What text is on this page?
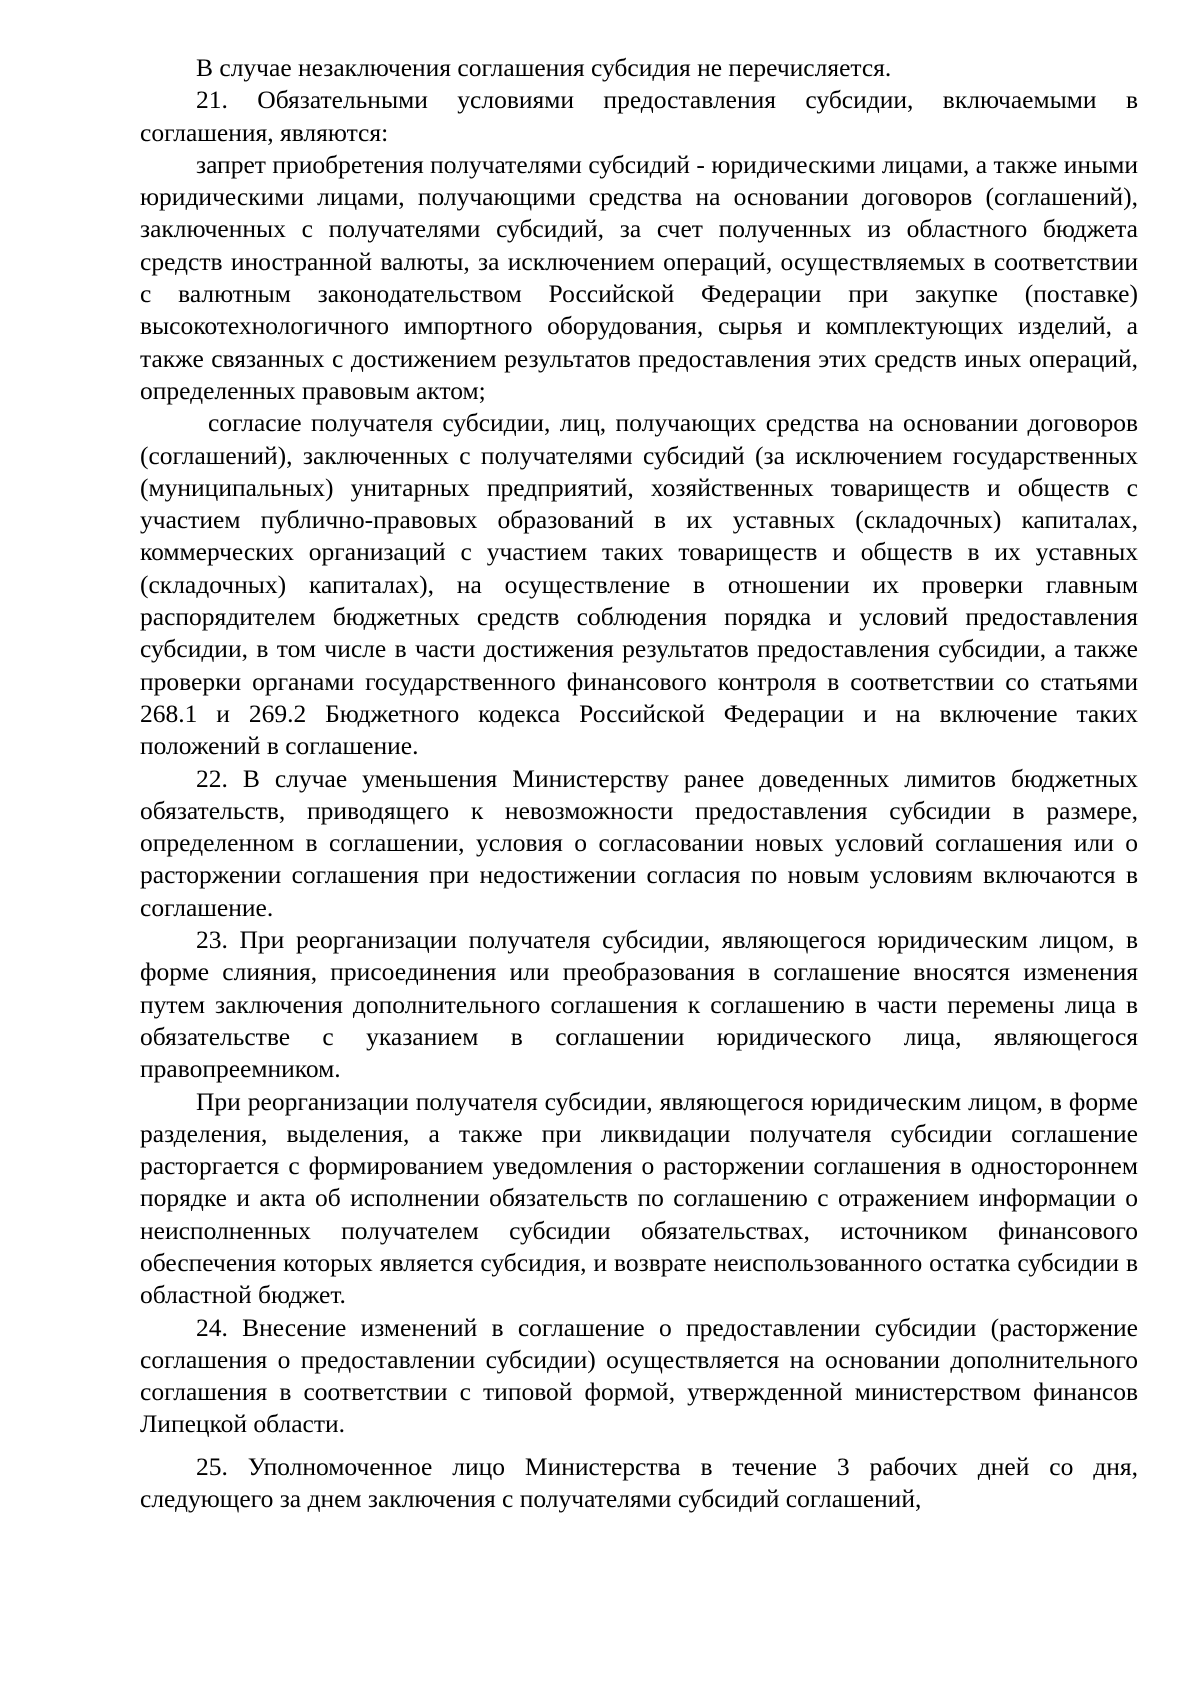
В случае незаключения соглашения субсидия не перечисляется.

21. Обязательными условиями предоставления субсидии, включаемыми в соглашения, являются:

запрет приобретения получателями субсидий - юридическими лицами, а также иными юридическими лицами, получающими средства на основании договоров (соглашений), заключенных с получателями субсидий, за счет полученных из областного бюджета средств иностранной валюты, за исключением операций, осуществляемых в соответствии с валютным законодательством Российской Федерации при закупке (поставке) высокотехнологичного импортного оборудования, сырья и комплектующих изделий, а также связанных с достижением результатов предоставления этих средств иных операций, определенных правовым актом;

согласие получателя субсидии, лиц, получающих средства на основании договоров (соглашений), заключенных с получателями субсидий (за исключением государственных (муниципальных) унитарных предприятий, хозяйственных товариществ и обществ с участием публично-правовых образований в их уставных (складочных) капиталах, коммерческих организаций с участием таких товариществ и обществ в их уставных (складочных) капиталах), на осуществление в отношении их проверки главным распорядителем бюджетных средств соблюдения порядка и условий предоставления субсидии, в том числе в части достижения результатов предоставления субсидии, а также проверки органами государственного финансового контроля в соответствии со статьями 268.1 и 269.2 Бюджетного кодекса Российской Федерации и на включение таких положений в соглашение.

22. В случае уменьшения Министерству ранее доведенных лимитов бюджетных обязательств, приводящего к невозможности предоставления субсидии в размере, определенном в соглашении, условия о согласовании новых условий соглашения или о расторжении соглашения при недостижении согласия по новым условиям включаются в соглашение.

23. При реорганизации получателя субсидии, являющегося юридическим лицом, в форме слияния, присоединения или преобразования в соглашение вносятся изменения путем заключения дополнительного соглашения к соглашению в части перемены лица в обязательстве с указанием в соглашении юридического лица, являющегося правопреемником.

При реорганизации получателя субсидии, являющегося юридическим лицом, в форме разделения, выделения, а также при ликвидации получателя субсидии соглашение расторгается с формированием уведомления о расторжении соглашения в одностороннем порядке и акта об исполнении обязательств по соглашению с отражением информации о неисполненных получателем субсидии обязательствах, источником финансового обеспечения которых является субсидия, и возврате неиспользованного остатка субсидии в областной бюджет.

24. Внесение изменений в соглашение о предоставлении субсидии (расторжение соглашения о предоставлении субсидии) осуществляется на основании дополнительного соглашения в соответствии с типовой формой, утвержденной министерством финансов Липецкой области.

25. Уполномоченное лицо Министерства в течение 3 рабочих дней со дня, следующего за днем заключения с получателями субсидий соглашений,
